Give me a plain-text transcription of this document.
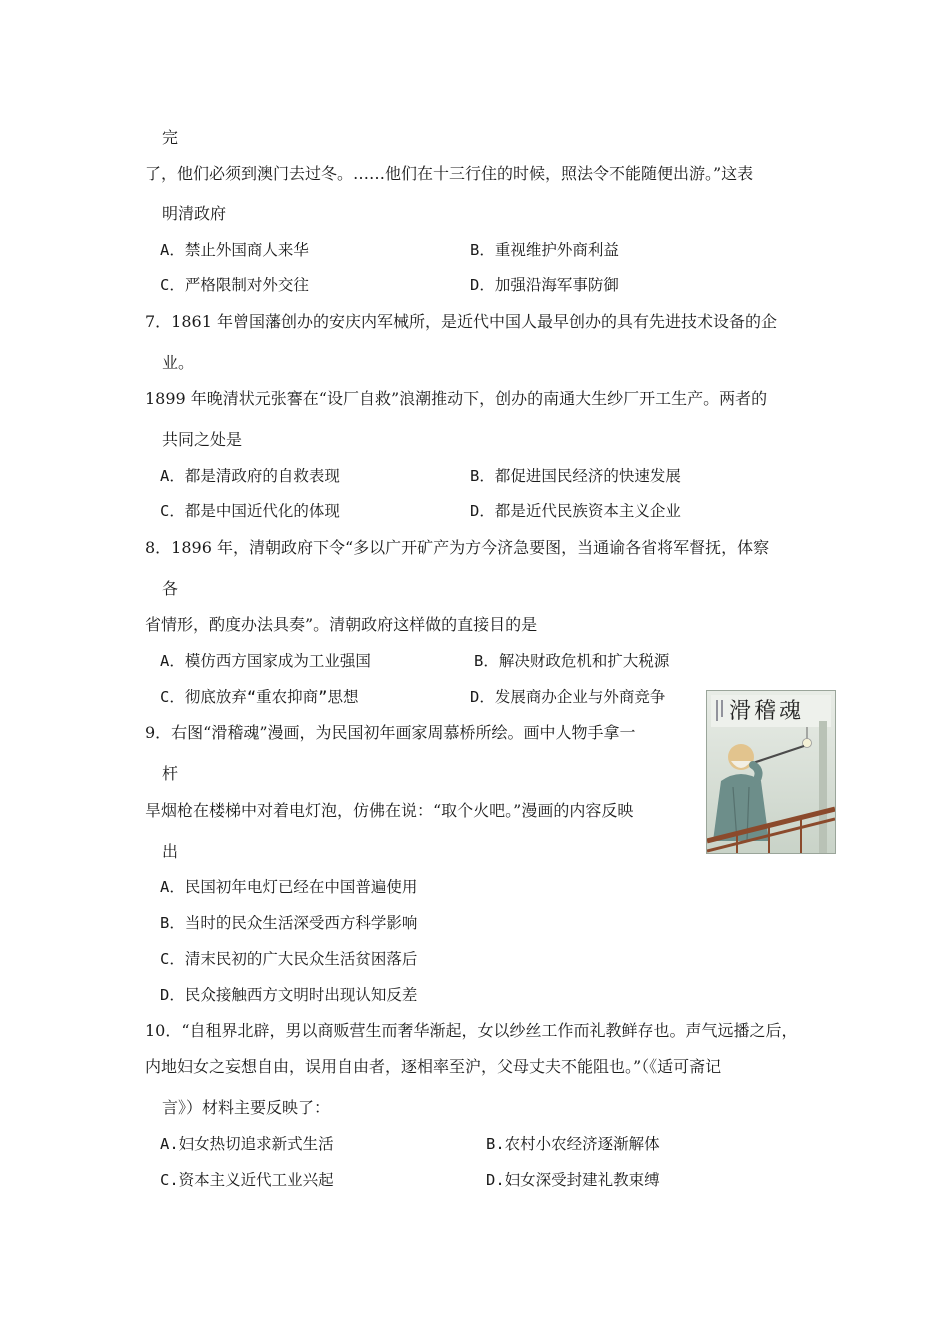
完
了，他们必须到澳门去过冬。……他们在十三行住的时候，照法令不能随便出游。”这表
明清政府
A．禁止外国商人来华	B．重视维护外商利益
C．严格限制对外交往	D．加强沿海军事防御
7．1861 年曾国藩创办的安庆内军械所，是近代中国人最早创办的具有先进技术设备的企
业。
1899 年晚清状元张謇在“设厂自救”浪潮推动下，创办的南通大生纱厂开工生产。两者的
共同之处是
A．都是清政府的自救表现	B．都促进国民经济的快速发展
C．都是中国近代化的体现	D．都是近代民族资本主义企业
8．1896 年，清朝政府下令“多以广开矿产为方今济急要图，当通谕各省将军督抚，体察
各
省情形，酌度办法具奏”。清朝政府这样做的直接目的是
A．模仿西方国家成为工业强国	B．解决财政危机和扩大税源
C．彻底放弃“重农抑商”思想	D．发展商办企业与外商竞争
9．右图“滑稽魂”漫画，为民国初年画家周慕桥所绘。画中人物手拿一
杆
旱烟枪在楼梯中对着电灯泡，仿佛在说：“取个火吧。”漫画的内容反映
出
A．民国初年电灯已经在中国普遍使用
B．当时的民众生活深受西方科学影响
C．清末民初的广大民众生活贫困落后
D．民众接触西方文明时出现认知反差
滑稽魂
10．“自租界北辟，男以商贩营生而奢华渐起，女以纱丝工作而礼教鲜存也。声气远播之后，
内地妇女之妄想自由，误用自由者，逐相率至沪，父母丈夫不能阻也。”（《适可斋记
言》）材料主要反映了：
A.妇女热切追求新式生活	B.农村小农经济逐渐解体
C.资本主义近代工业兴起	D.妇女深受封建礼教束缚
